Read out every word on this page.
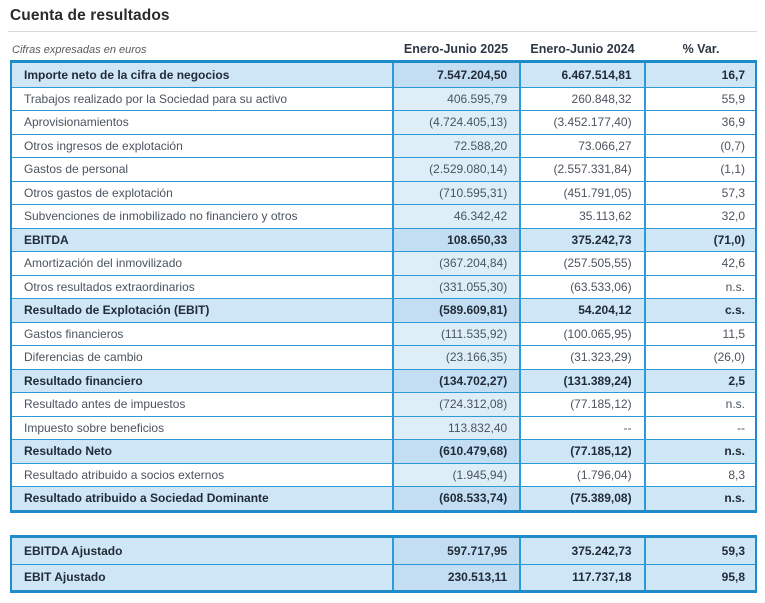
Cuenta de resultados
Cifras expresadas en euros	Enero-Junio 2025	Enero-Junio 2024	% Var.
Importe neto de la cifra de negocios	7.547.204,50	6.467.514,81	16,7
Trabajos realizado por la Sociedad para su activo	406.595,79	260.848,32	55,9
Aprovisionamientos	(4.724.405,13)	(3.452.177,40)	36,9
Otros ingresos de explotación	72.588,20	73.066,27	(0,7)
Gastos de personal	(2.529.080,14)	(2.557.331,84)	(1,1)
Otros gastos de explotación	(710.595,31)	(451.791,05)	57,3
Subvenciones de inmobilizado no financiero y otros	46.342,42	35.113,62	32,0
EBITDA	108.650,33	375.242,73	(71,0)
Amortización del inmovilizado	(367.204,84)	(257.505,55)	42,6
Otros resultados extraordinarios	(331.055,30)	(63.533,06)	n.s.
Resultado de Explotación (EBIT)	(589.609,81)	54.204,12	c.s.
Gastos financieros	(111.535,92)	(100.065,95)	11,5
Diferencias de cambio	(23.166,35)	(31.323,29)	(26,0)
Resultado financiero	(134.702,27)	(131.389,24)	2,5
Resultado antes de impuestos	(724.312,08)	(77.185,12)	n.s.
Impuesto sobre beneficios	113.832,40	--	--
Resultado Neto	(610.479,68)	(77.185,12)	n.s.
Resultado atribuido a socios externos	(1.945,94)	(1.796,04)	8,3
Resultado atribuido a Sociedad Dominante	(608.533,74)	(75.389,08)	n.s.
EBITDA Ajustado	597.717,95	375.242,73	59,3
EBIT Ajustado	230.513,11	117.737,18	95,8
